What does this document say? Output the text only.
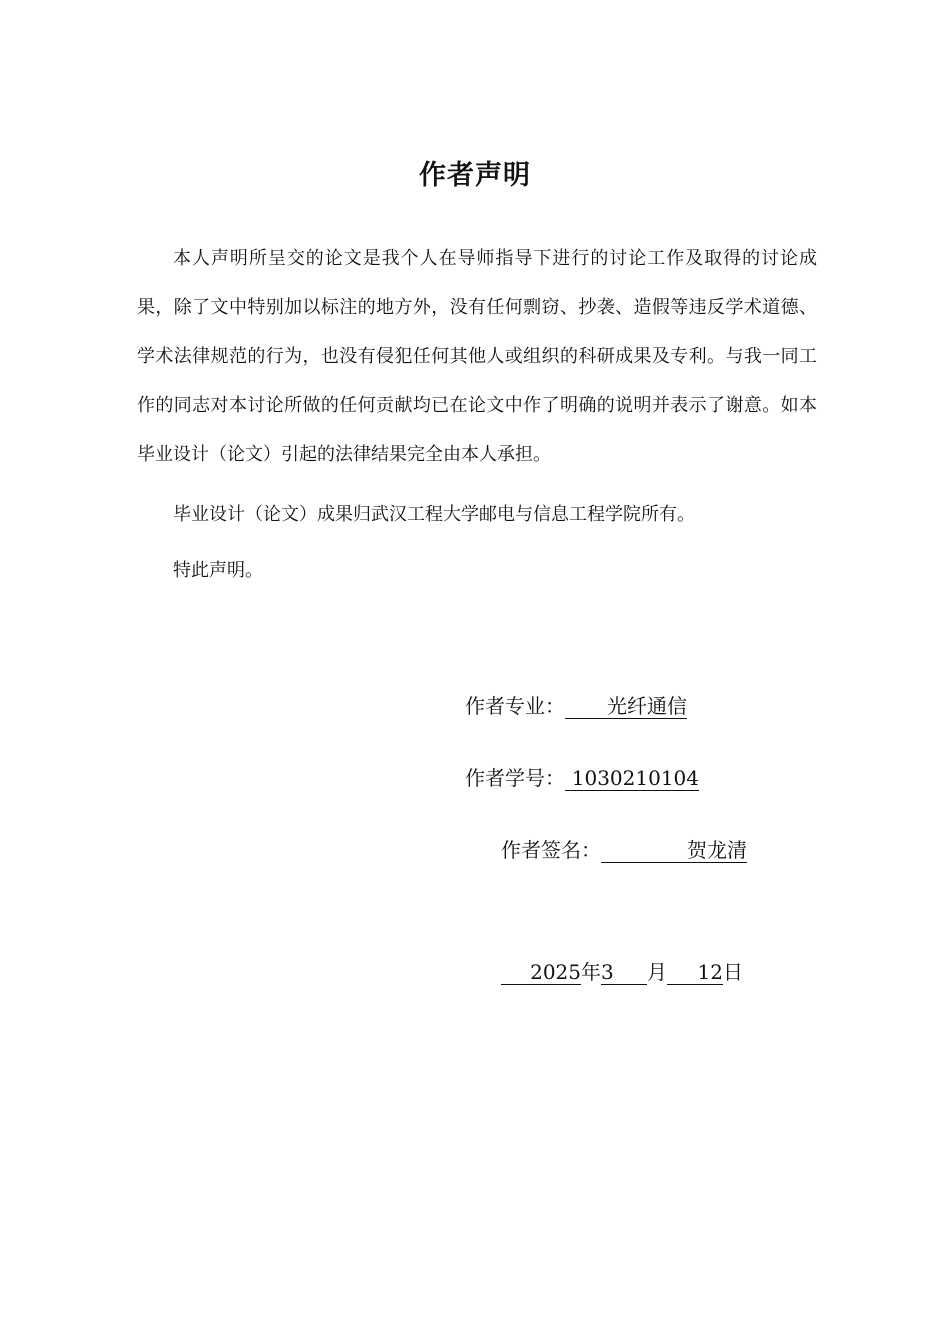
作者声明

本人声明所呈交的论文是我个人在导师指导下进行的讨论工作及取得的讨论成果，除了文中特别加以标注的地方外，没有任何剽窃、抄袭、造假等违反学术道德、学术法律规范的行为，也没有侵犯任何其他人或组织的科研成果及专利。与我一同工作的同志对本讨论所做的任何贡献均已在论文中作了明确的说明并表示了谢意。如本毕业设计（论文）引起的法律结果完全由本人承担。

毕业设计（论文）成果归武汉工程大学邮电与信息工程学院所有。

特此声明。

作者专业： 光纤通信
作者学号： 1030210104
作者签名：	贺龙清
2025年3 月 12日
